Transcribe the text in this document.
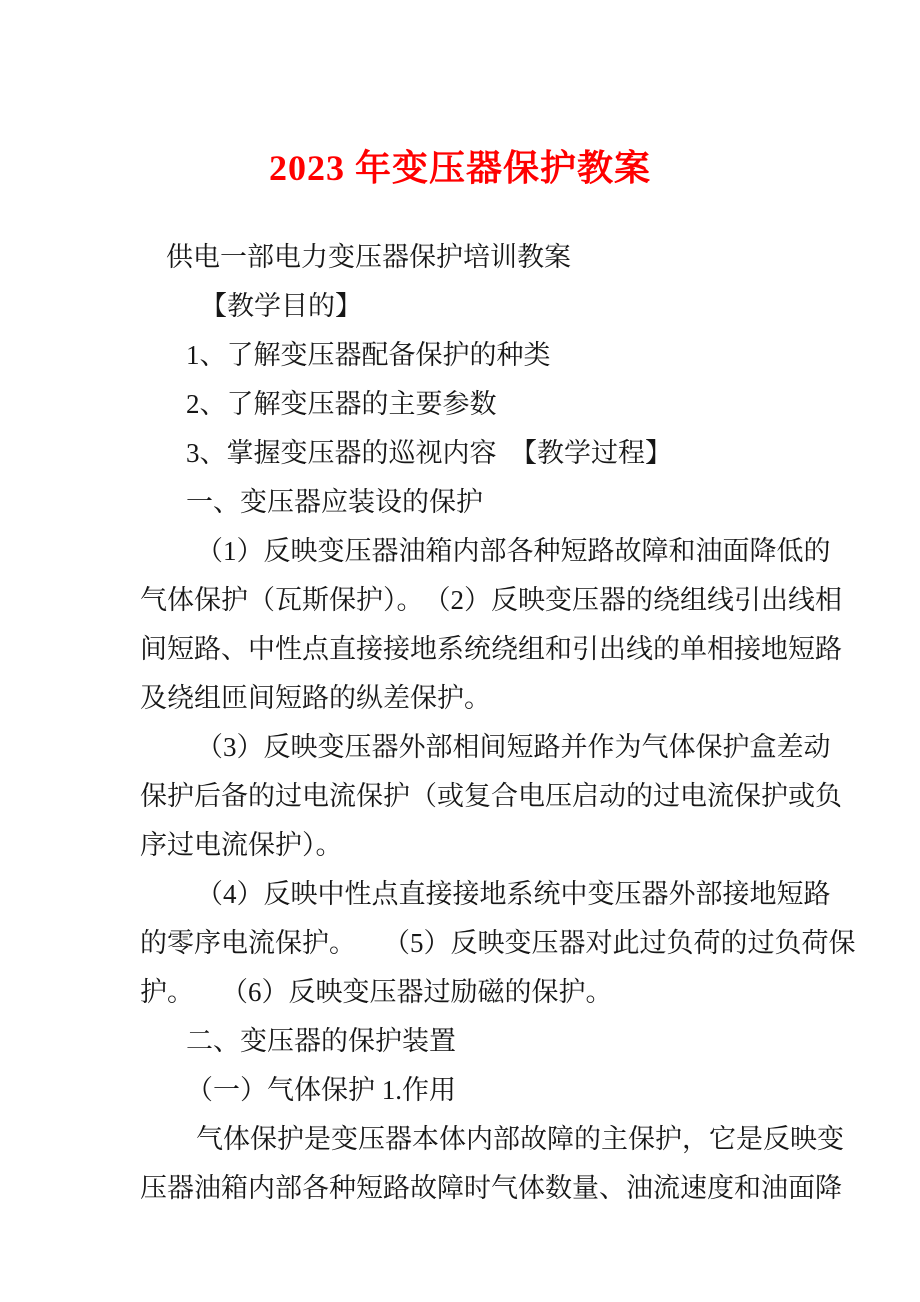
2023 年变压器保护教案
供电一部电力变压器保护培训教案
【教学目的】
1、了解变压器配备保护的种类
2、了解变压器的主要参数
3、掌握变压器的巡视内容　【教学过程】
一、变压器应装设的保护
（1）反映变压器油箱内部各种短路故障和油面降低的
气体保护（瓦斯保护）。　（2）反映变压器的绕组线引出线相
间短路、中性点直接接地系统绕组和引出线的单相接地短路
及绕组匝间短路的纵差保护。
（3）反映变压器外部相间短路并作为气体保护盒差动
保护后备的过电流保护（或复合电压启动的过电流保护或负
序过电流保护）。
（4）反映中性点直接接地系统中变压器外部接地短路
的零序电流保护。　　（5）反映变压器对此过负荷的过负荷保
护。　　（6）反映变压器过励磁的保护。
二、变压器的保护装置
（一）气体保护 1.作用
气体保护是变压器本体内部故障的主保护，它是反映变
压器油箱内部各种短路故障时气体数量、油流速度和油面降
